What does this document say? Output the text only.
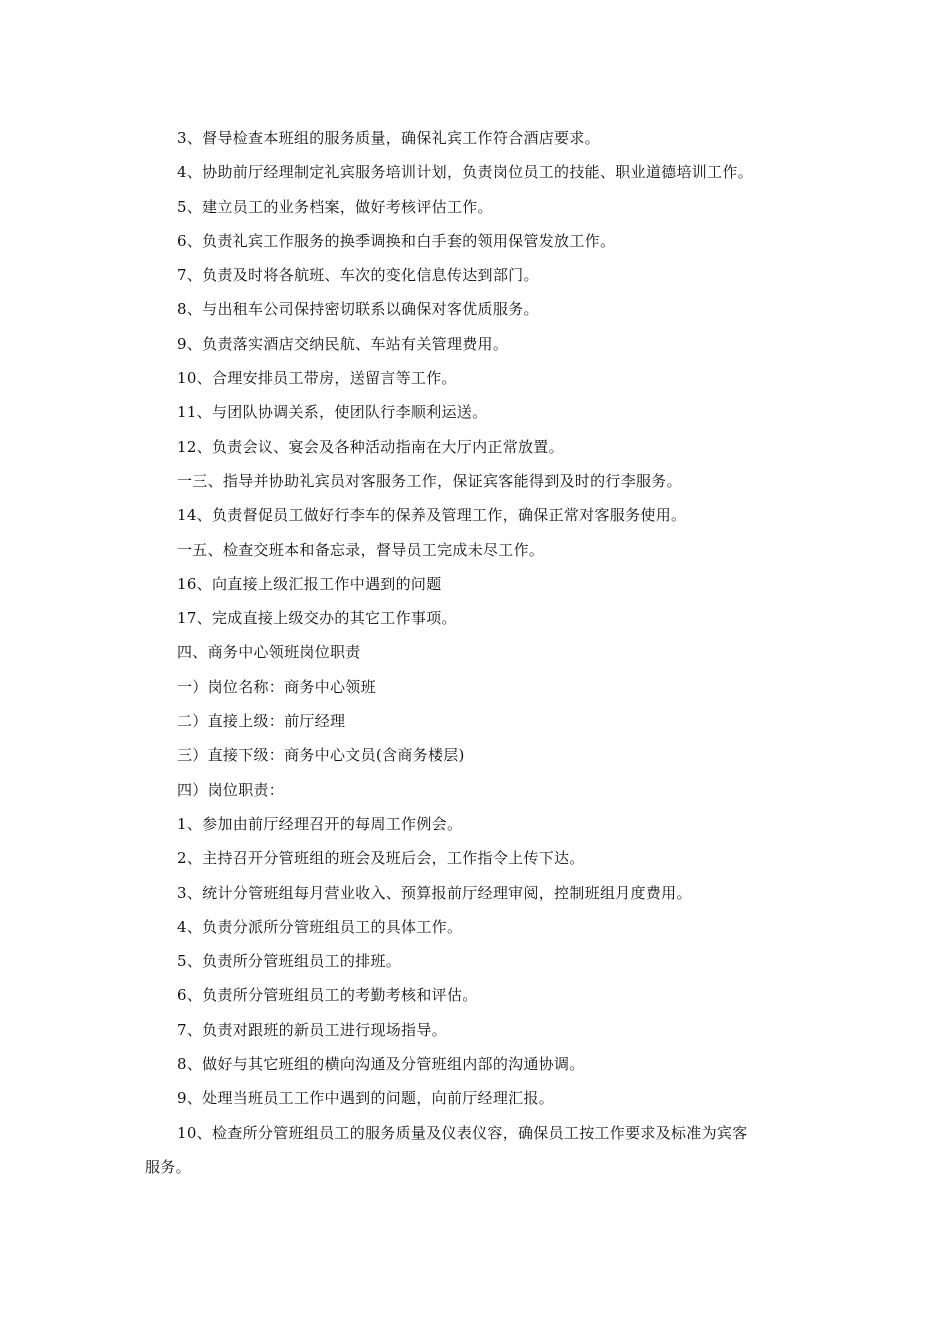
3、督导检查本班组的服务质量，确保礼宾工作符合酒店要求。
4、协助前厅经理制定礼宾服务培训计划，负责岗位员工的技能、职业道德培训工作。
5、建立员工的业务档案，做好考核评估工作。
6、负责礼宾工作服务的换季调换和白手套的领用保管发放工作。
7、负责及时将各航班、车次的变化信息传达到部门。
8、与出租车公司保持密切联系以确保对客优质服务。
9、负责落实酒店交纳民航、车站有关管理费用。
10、合理安排员工带房，送留言等工作。
11、与团队协调关系，使团队行李顺利运送。
12、负责会议、宴会及各种活动指南在大厅内正常放置。
一三、指导并协助礼宾员对客服务工作，保证宾客能得到及时的行李服务。
14、负责督促员工做好行李车的保养及管理工作，确保正常对客服务使用。
一五、检查交班本和备忘录，督导员工完成未尽工作。
16、向直接上级汇报工作中遇到的问题
17、完成直接上级交办的其它工作事项。
四、商务中心领班岗位职责
一）岗位名称：商务中心领班
二）直接上级：前厅经理
三）直接下级：商务中心文员(含商务楼层)
四）岗位职责：
1、参加由前厅经理召开的每周工作例会。
2、主持召开分管班组的班会及班后会，工作指令上传下达。
3、统计分管班组每月营业收入、预算报前厅经理审阅，控制班组月度费用。
4、负责分派所分管班组员工的具体工作。
5、负责所分管班组员工的排班。
6、负责所分管班组员工的考勤考核和评估。
7、负责对跟班的新员工进行现场指导。
8、做好与其它班组的横向沟通及分管班组内部的沟通协调。
9、处理当班员工工作中遇到的问题，向前厅经理汇报。
10、检查所分管班组员工的服务质量及仪表仪容，确保员工按工作要求及标准为宾客
服务。
